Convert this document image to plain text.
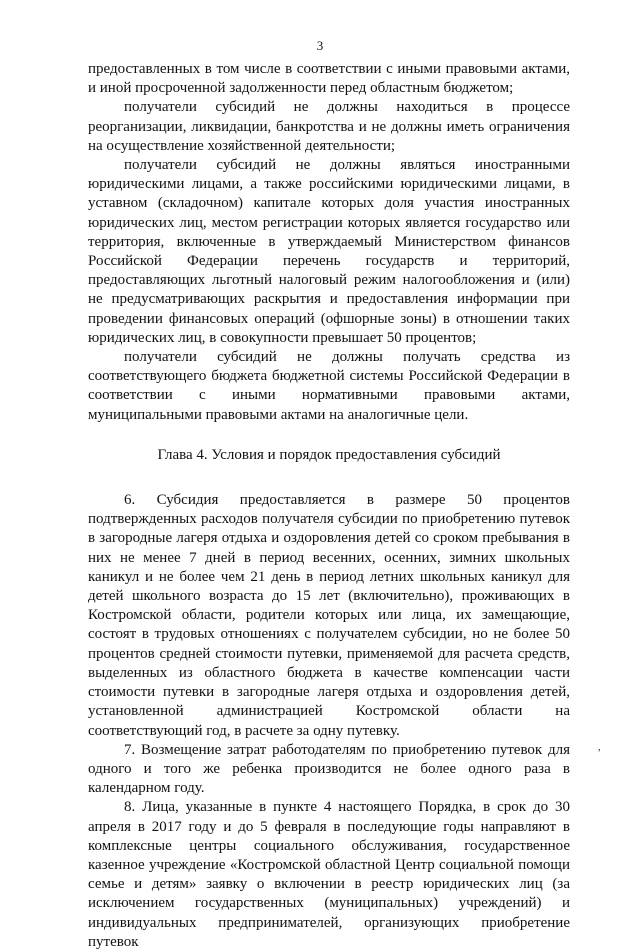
3
,

предоставленных в том числе в соответствии с иными правовыми актами, и иной просроченной задолженности перед областным бюджетом;

получатели субсидий не должны находиться в процессе реорганизации, ликвидации, банкротства и не должны иметь ограничения на осуществление хозяйственной деятельности;

получатели субсидий не должны являться иностранными юридическими лицами, а также российскими юридическими лицами, в уставном (складочном) капитале которых доля участия иностранных юридических лиц, местом регистрации которых является государство или территория, включенные в утверждаемый Министерством финансов Российской Федерации перечень государств и территорий, предоставляющих льготный налоговый режим налогообложения и (или) не предусматривающих раскрытия и предоставления информации при проведении финансовых операций (офшорные зоны) в отношении таких юридических лиц, в совокупности превышает 50 процентов;

получатели субсидий не должны получать средства из соответствующего бюджета бюджетной системы Российской Федерации в соответствии с иными нормативными правовыми актами, муниципальными правовыми актами на аналогичные цели.

Глава 4. Условия и порядок предоставления субсидий

6. Субсидия предоставляется в размере 50 процентов подтвержденных расходов получателя субсидии по приобретению путевок в загородные лагеря отдыха и оздоровления детей со сроком пребывания в них не менее 7 дней в период весенних, осенних, зимних школьных каникул и не более чем 21 день в период летних школьных каникул для детей школьного возраста до 15 лет (включительно), проживающих в Костромской области, родители которых или лица, их замещающие, состоят в трудовых отношениях с получателем субсидии, но не более 50 процентов средней стоимости путевки, применяемой для расчета средств, выделенных из областного бюджета в качестве компенсации части стоимости путевки в загородные лагеря отдыха и оздоровления детей, установленной администрацией Костромской области на соответствующий год, в расчете за одну путевку.

7. Возмещение затрат работодателям по приобретению путевок для одного и того же ребенка производится не более одного раза в календарном году.

8. Лица, указанные в пункте 4 настоящего Порядка, в срок до 30 апреля в 2017 году и до 5 февраля в последующие годы направляют в комплексные центры социального обслуживания, государственное казенное учреждение «Костромской областной Центр социальной помощи семье и детям» заявку о включении в реестр юридических лиц (за исключением государственных (муниципальных) учреждений) и индивидуальных предпринимателей, организующих приобретение путевок
